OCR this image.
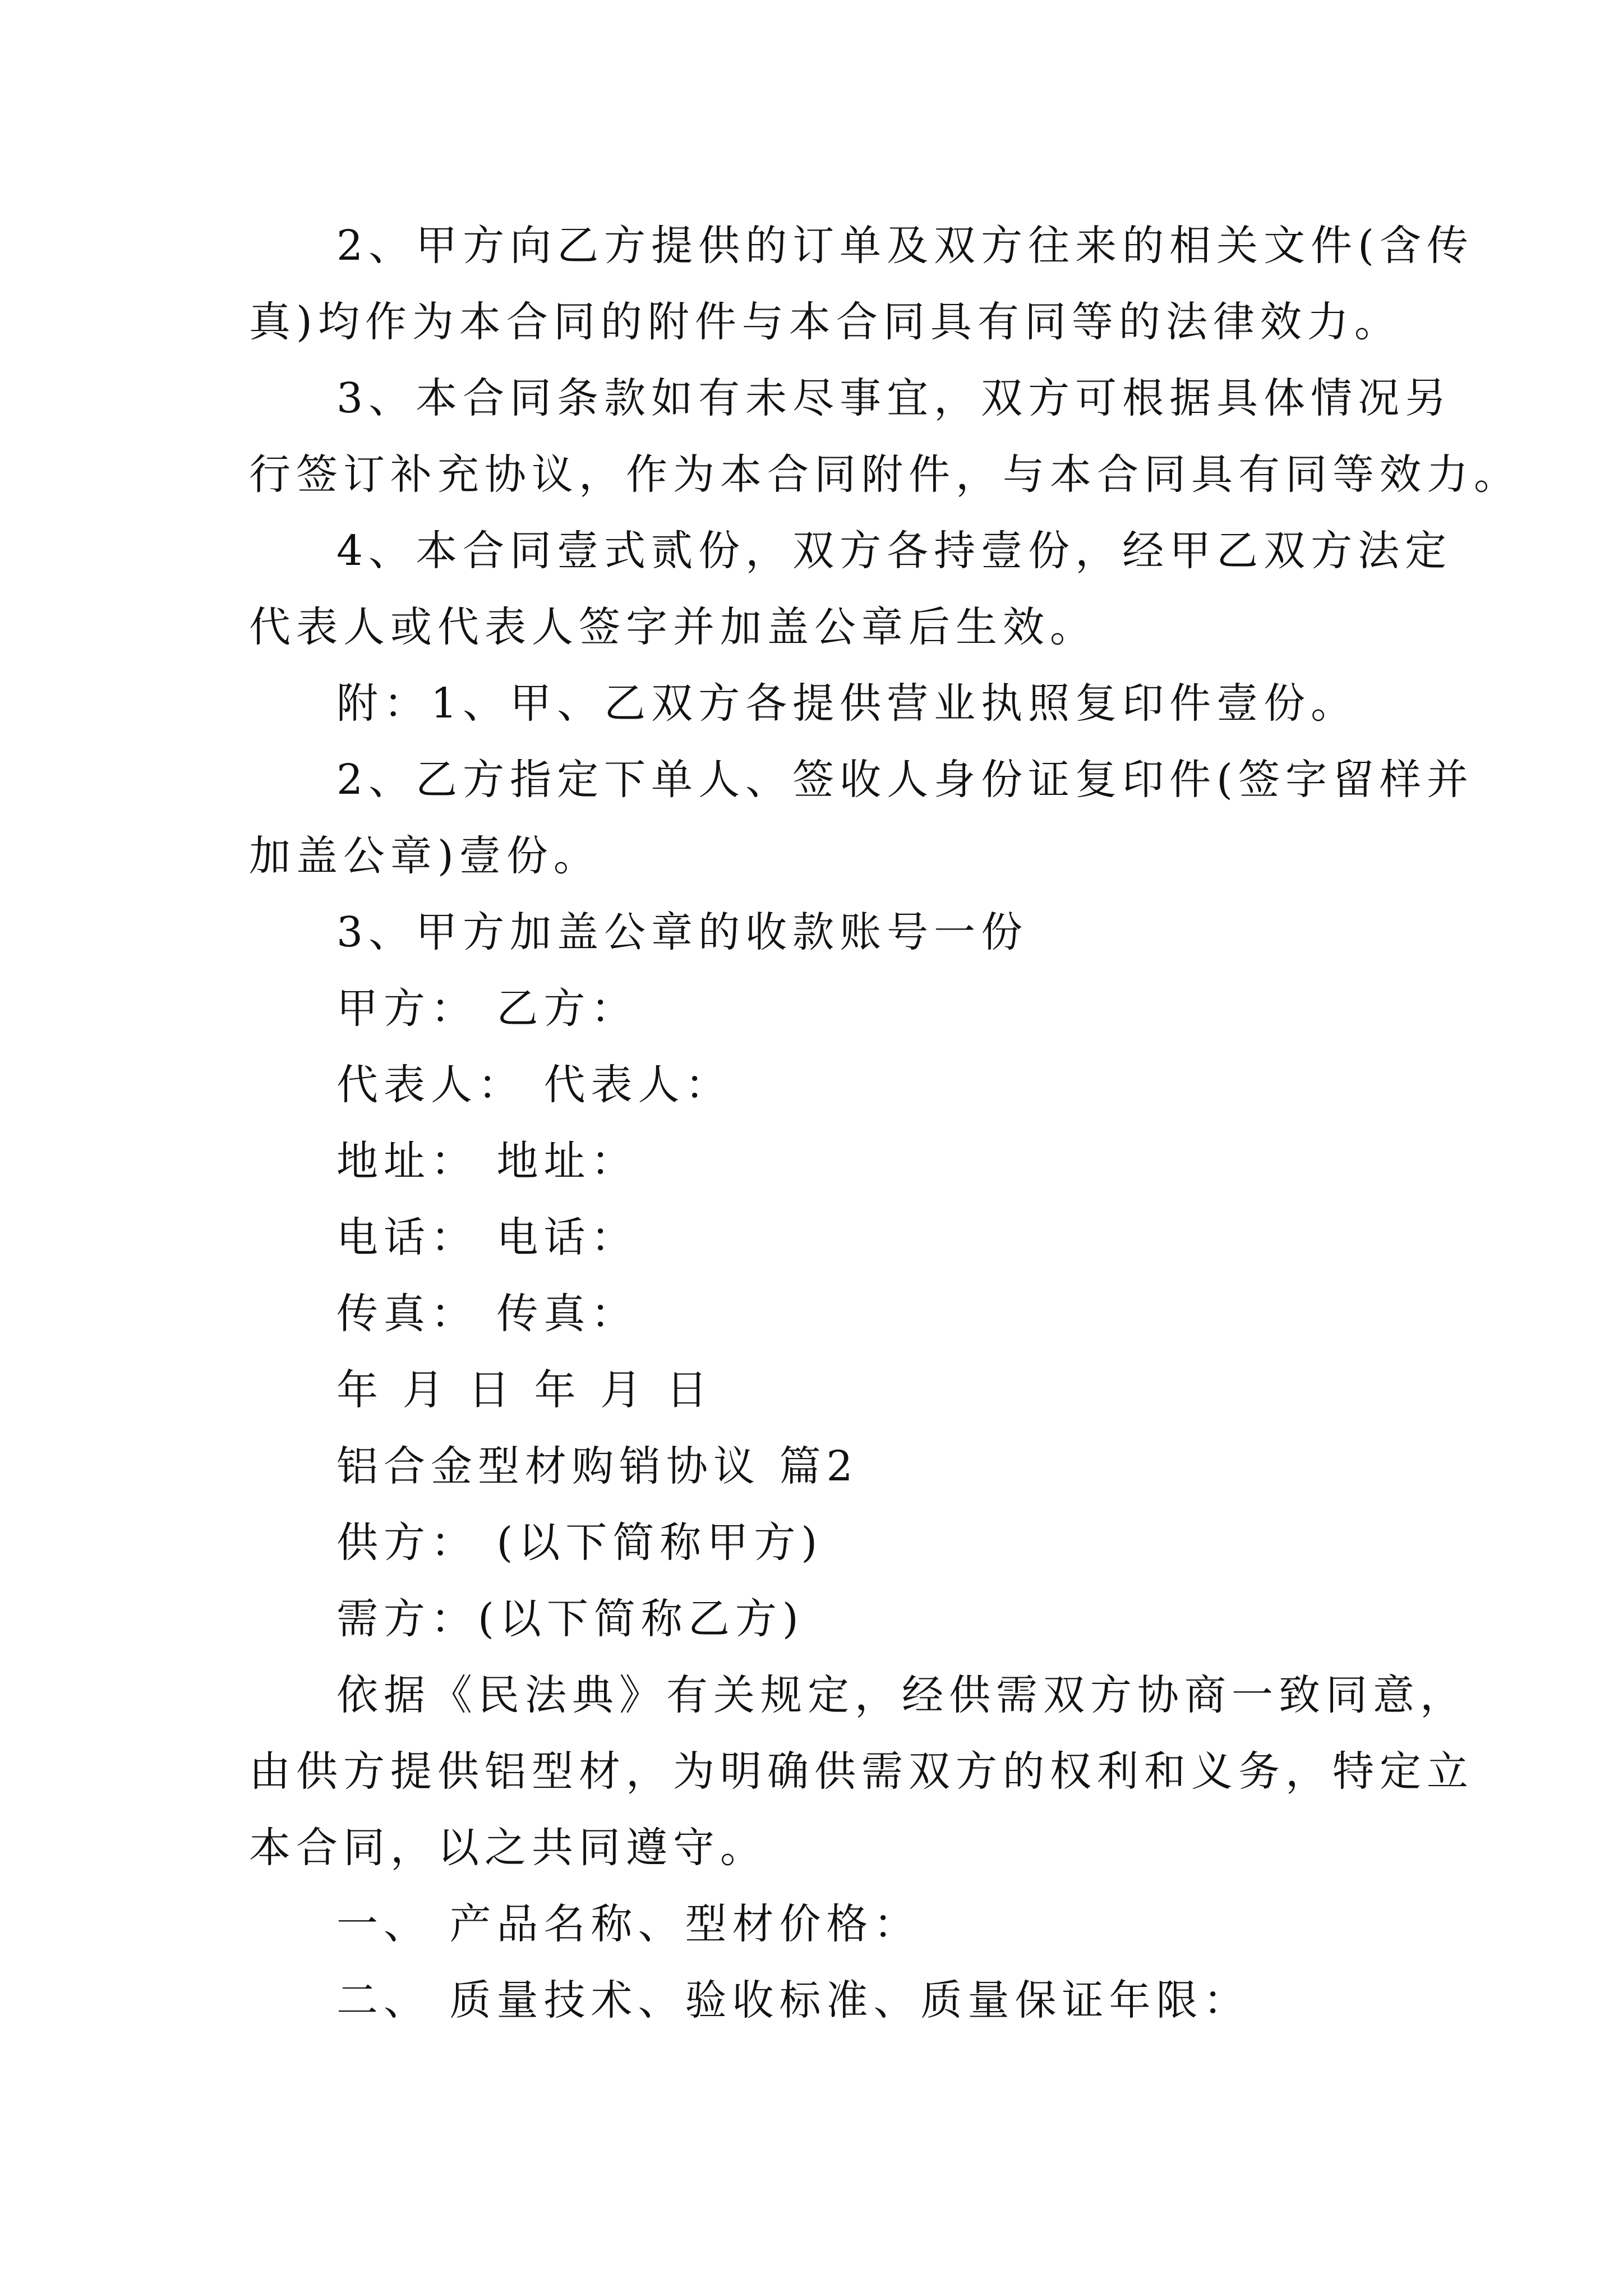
2、甲方向乙方提供的订单及双方往来的相关文件(含传
真)均作为本合同的附件与本合同具有同等的法律效力。
3、本合同条款如有未尽事宜，双方可根据具体情况另
行签订补充协议，作为本合同附件，与本合同具有同等效力。
4、本合同壹式贰份，双方各持壹份，经甲乙双方法定
代表人或代表人签字并加盖公章后生效。
附：1、甲、乙双方各提供营业执照复印件壹份。
2、乙方指定下单人、签收人身份证复印件(签字留样并
加盖公章)壹份。
3、甲方加盖公章的收款账号一份
甲方： 乙方：
代表人： 代表人：
地址： 地址：
电话： 电话：
传真： 传真：
年 月 日 年 月 日
铝合金型材购销协议 篇2
供方： (以下简称甲方)
需方：(以下简称乙方)
依据《民法典》有关规定，经供需双方协商一致同意，
由供方提供铝型材，为明确供需双方的权利和义务，特定立
本合同，以之共同遵守。
一、 产品名称、型材价格：
二、 质量技术、验收标准、质量保证年限：
